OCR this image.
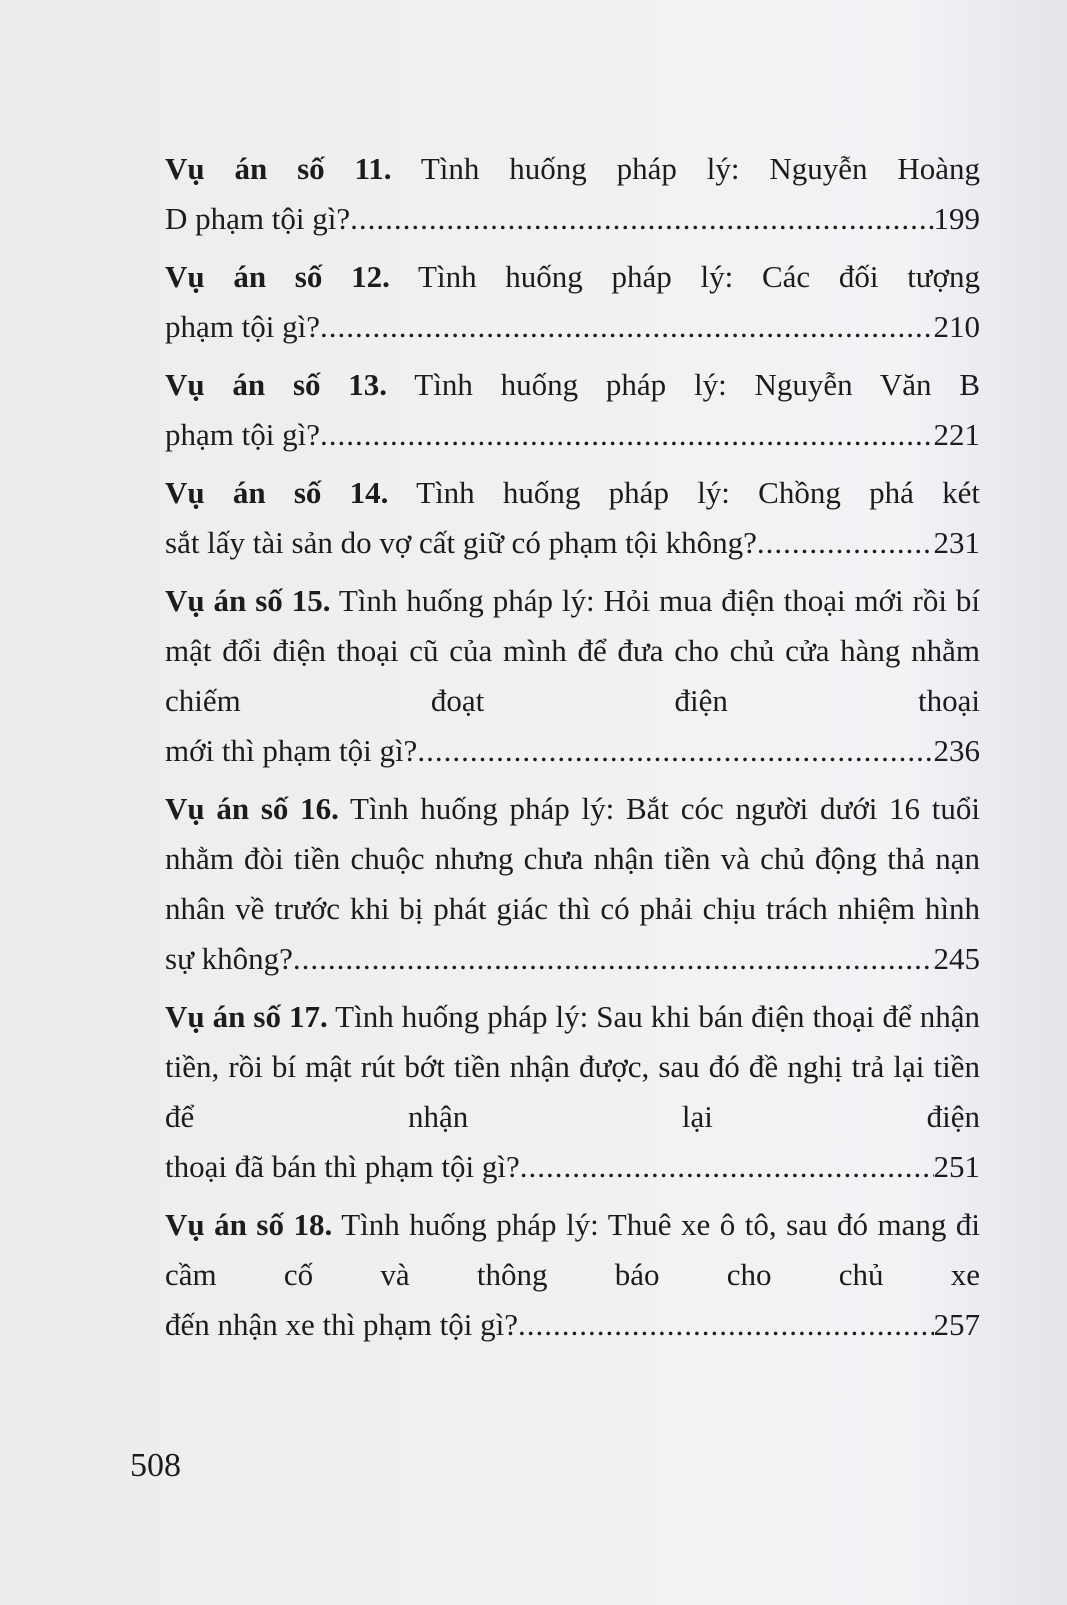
Vụ án số 11. Tình huống pháp lý: Nguyễn Hoàng
D phạm tội gì? .....	199
Vụ án số 12. Tình huống pháp lý: Các đối tượng
phạm tội gì? .....	210
Vụ án số 13. Tình huống pháp lý: Nguyễn Văn B
phạm tội gì? .....	221
Vụ án số 14. Tình huống pháp lý: Chồng phá két
sắt lấy tài sản do vợ cất giữ có phạm tội không? .....	231
Vụ án số 15. Tình huống pháp lý: Hỏi mua điện thoại mới rồi bí mật đổi điện thoại cũ của mình để đưa cho chủ cửa hàng nhằm chiếm đoạt điện thoại
mới thì phạm tội gì? .....	236
Vụ án số 16. Tình huống pháp lý: Bắt cóc người dưới 16 tuổi nhằm đòi tiền chuộc nhưng chưa nhận tiền và chủ động thả nạn nhân về trước khi bị phát giác thì có phải chịu trách nhiệm hình
sự không? .....	245
Vụ án số 17. Tình huống pháp lý: Sau khi bán điện thoại để nhận tiền, rồi bí mật rút bớt tiền nhận được, sau đó đề nghị trả lại tiền để nhận lại điện
thoại đã bán thì phạm tội gì? .....	251
Vụ án số 18. Tình huống pháp lý: Thuê xe ô tô, sau đó mang đi cầm cố và thông báo cho chủ xe
đến nhận xe thì phạm tội gì? .....	257
508
